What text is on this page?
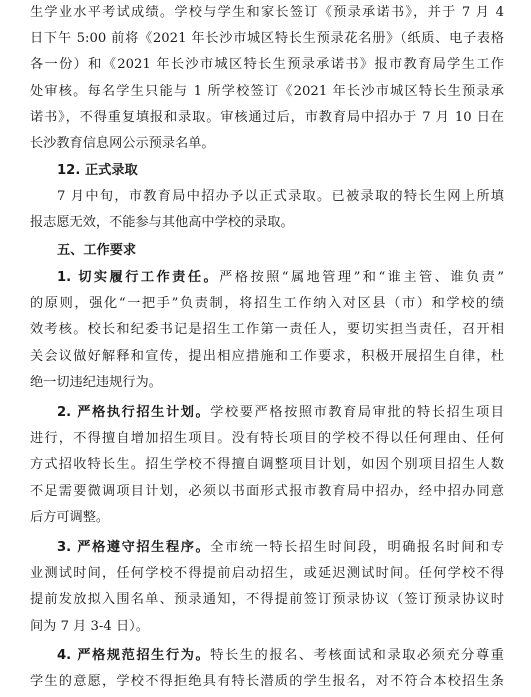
生学业水平考试成绩。学校与学生和家长签订《预录承诺书》，并于 7 月 4
日下午 5:00 前将《2021 年长沙市城区特长生预录花名册》（纸质、电子表格
各一份）和《2021 年长沙市城区特长生预录承诺书》报市教育局学生工作
处审核。每名学生只能与 1 所学校签订《2021 年长沙市城区特长生预录承
诺书》，不得重复填报和录取。审核通过后，市教育局中招办于 7 月 10 日在
长沙教育信息网公示预录名单。
12. 正式录取
7 月中旬，市教育局中招办予以正式录取。已被录取的特长生网上所填
报志愿无效，不能参与其他高中学校的录取。
五、工作要求
1. 切实履行工作责任。严格按照“属地管理”和“谁主管、谁负责”
的原则，强化“一把手”负责制，将招生工作纳入对区县（市）和学校的绩
效考核。校长和纪委书记是招生工作第一责任人，要切实担当责任，召开相
关会议做好解释和宣传，提出相应措施和工作要求，积极开展招生自律，杜
绝一切违纪违规行为。
2. 严格执行招生计划。学校要严格按照市教育局审批的特长招生项目
进行，不得擅自增加招生项目。没有特长项目的学校不得以任何理由、任何
方式招收特长生。招生学校不得擅自调整项目计划，如因个别项目招生人数
不足需要微调项目计划，必须以书面形式报市教育局中招办，经中招办同意
后方可调整。
3. 严格遵守招生程序。全市统一特长招生时间段，明确报名时间和专
业测试时间，任何学校不得提前启动招生，或延迟测试时间。任何学校不得
提前发放拟入围名单、预录通知，不得提前签订预录协议（签订预录协议时
间为 7 月 3-4 日）。
4. 严格规范招生行为。特长生的报名、考核面试和录取必须充分尊重
学生的意愿，学校不得拒绝具有特长潜质的学生报名，对不符合本校招生条
